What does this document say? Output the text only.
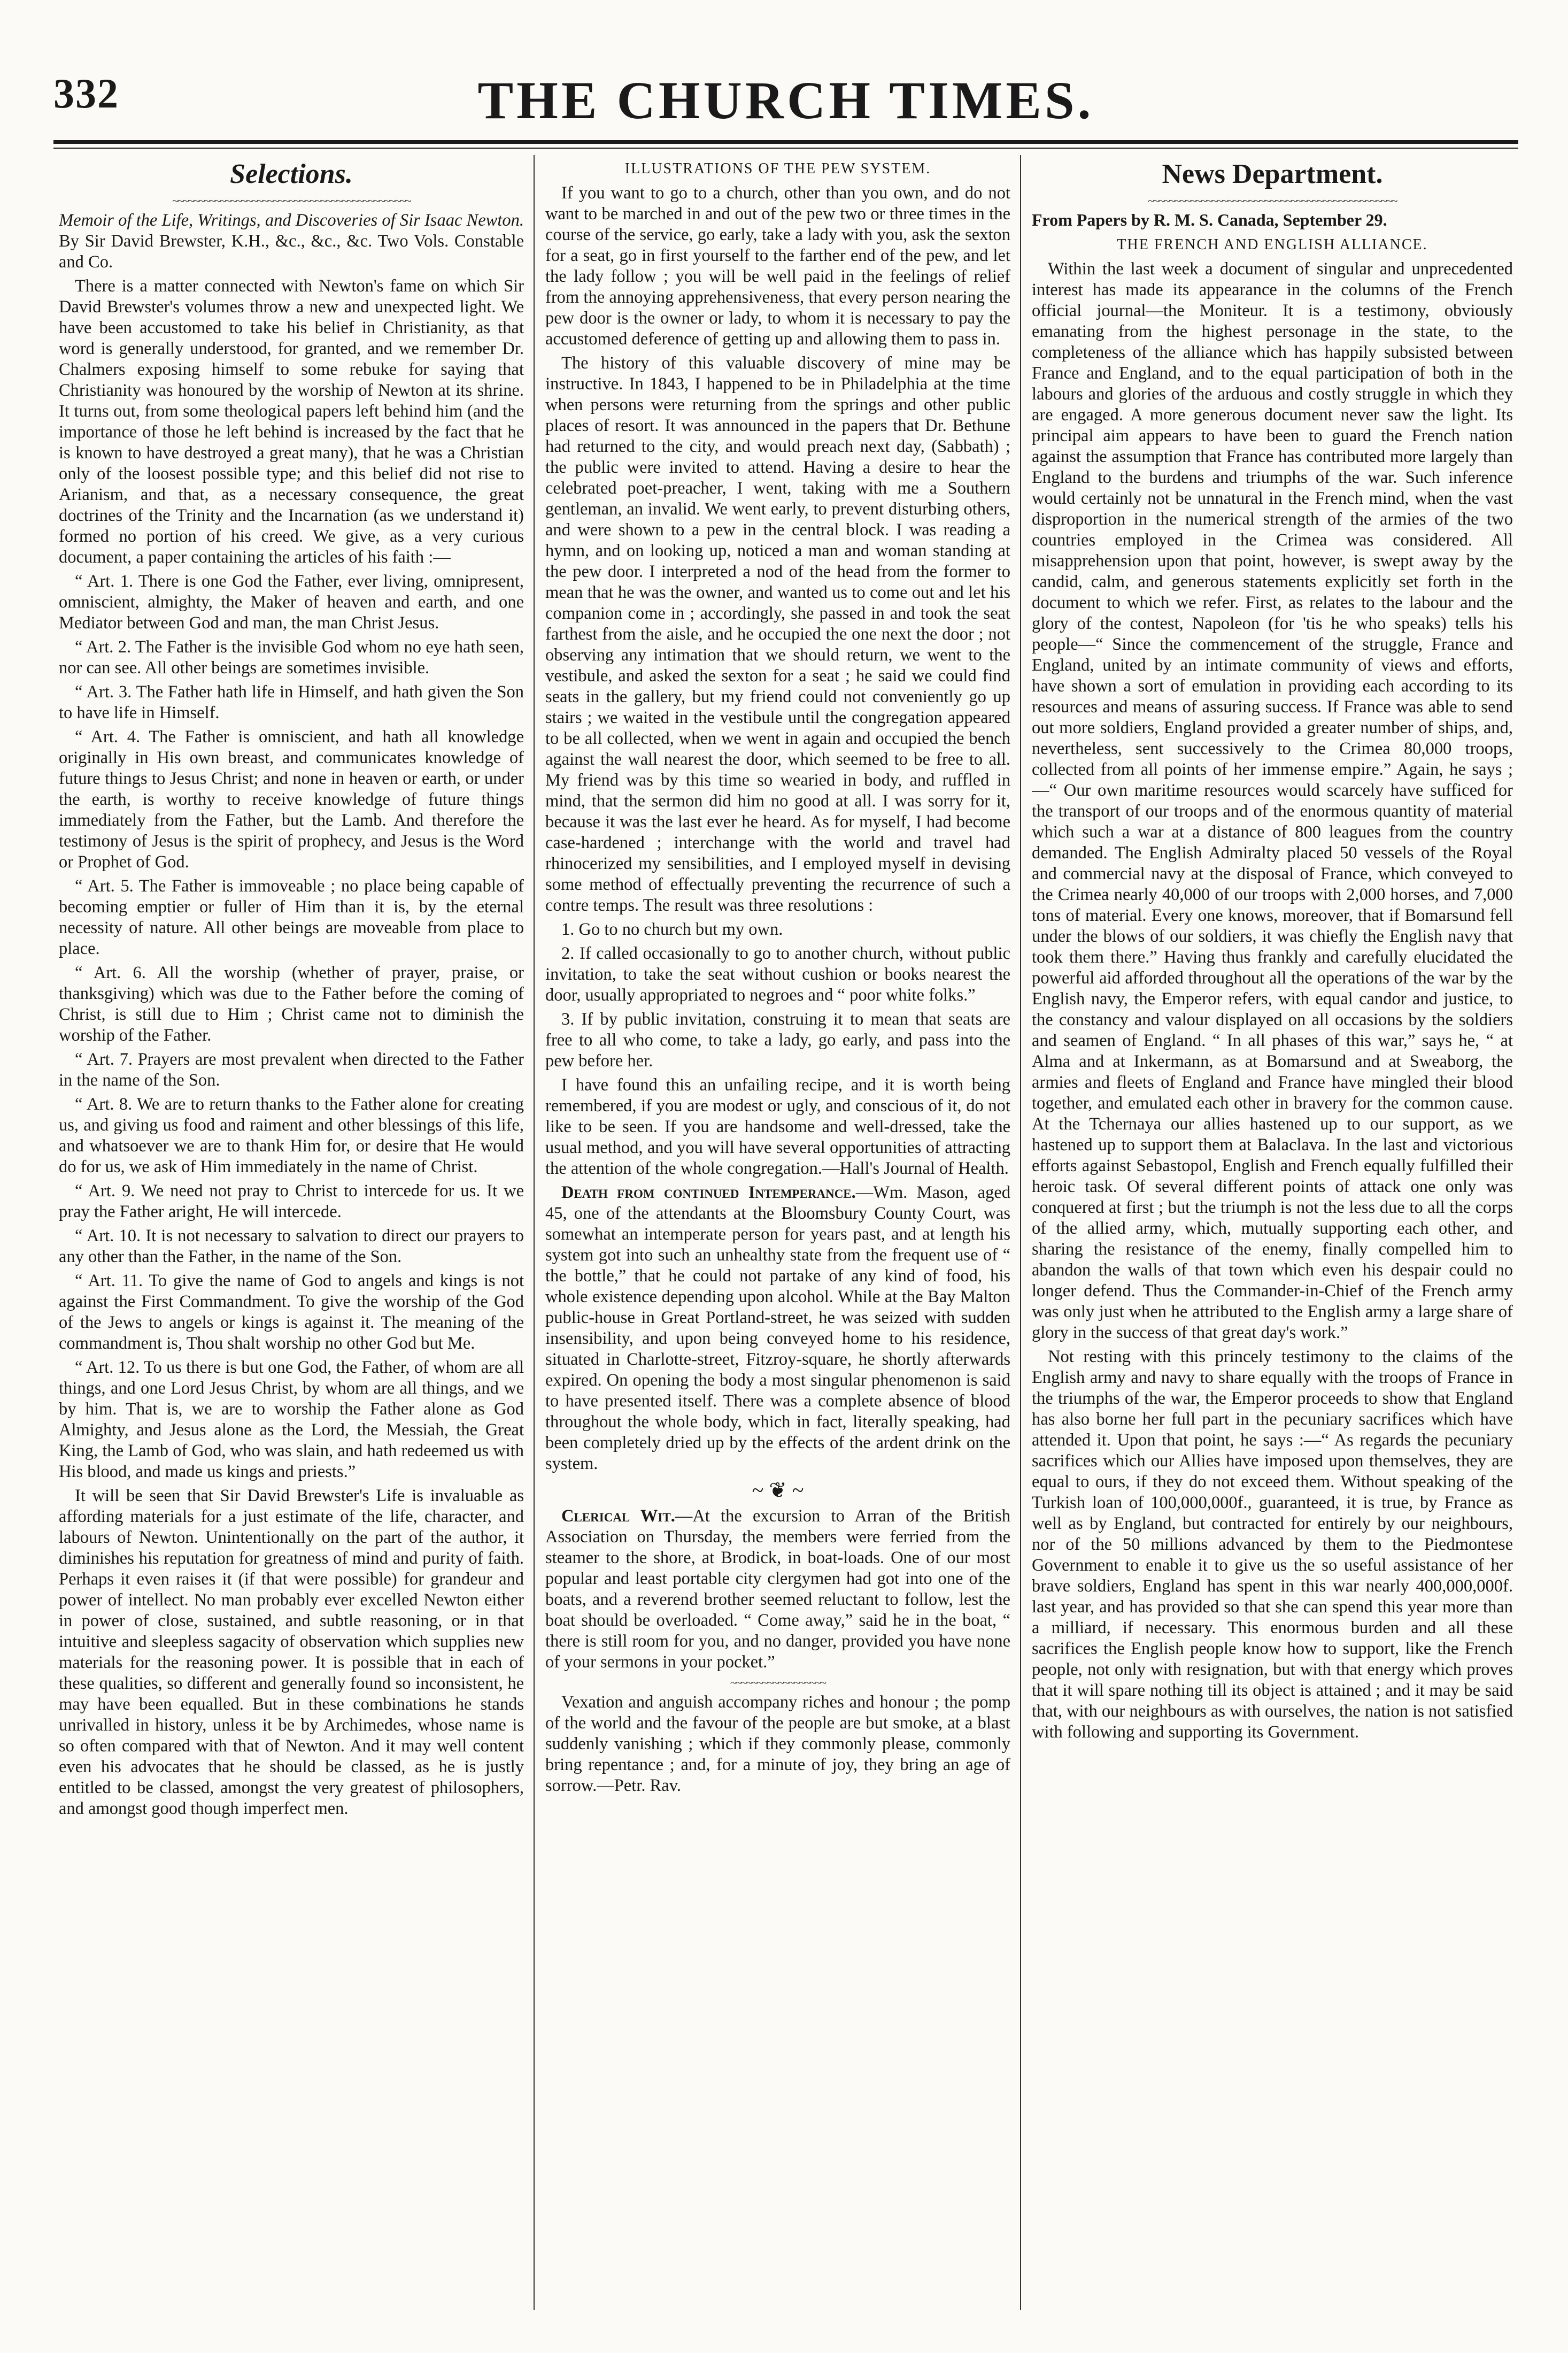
332	THE CHURCH TIMES.
Selections.
~~~~~~~~~~~~~~~~~~~~~~~~~~~~~~~~~~~~~~~~~~~~~

Memoir of the Life, Writings, and Discoveries of Sir Isaac Newton. By Sir David Brewster, K.H., &c., &c., &c. Two Vols. Constable and Co.

There is a matter connected with Newton's fame on which Sir David Brewster's volumes throw a new and unexpected light. We have been accustomed to take his belief in Christianity, as that word is generally understood, for granted, and we remember Dr. Chalmers exposing himself to some rebuke for saying that Christianity was honoured by the worship of Newton at its shrine. It turns out, from some theological papers left behind him (and the importance of those he left behind is increased by the fact that he is known to have destroyed a great many), that he was a Christian only of the loosest possible type; and this belief did not rise to Arianism, and that, as a necessary consequence, the great doctrines of the Trinity and the Incarnation (as we understand it) formed no portion of his creed. We give, as a very curious document, a paper containing the articles of his faith :—

“ Art. 1. There is one God the Father, ever living, omnipresent, omniscient, almighty, the Maker of heaven and earth, and one Mediator between God and man, the man Christ Jesus.

“ Art. 2. The Father is the invisible God whom no eye hath seen, nor can see. All other beings are sometimes invisible.

“ Art. 3. The Father hath life in Himself, and hath given the Son to have life in Himself.

“ Art. 4. The Father is omniscient, and hath all knowledge originally in His own breast, and communicates knowledge of future things to Jesus Christ; and none in heaven or earth, or under the earth, is worthy to receive knowledge of future things immediately from the Father, but the Lamb. And therefore the testimony of Jesus is the spirit of prophecy, and Jesus is the Word or Prophet of God.

“ Art. 5. The Father is immoveable ; no place being capable of becoming emptier or fuller of Him than it is, by the eternal necessity of nature. All other beings are moveable from place to place.

“ Art. 6. All the worship (whether of prayer, praise, or thanksgiving) which was due to the Father before the coming of Christ, is still due to Him ; Christ came not to diminish the worship of the Father.

“ Art. 7. Prayers are most prevalent when directed to the Father in the name of the Son.

“ Art. 8. We are to return thanks to the Father alone for creating us, and giving us food and raiment and other blessings of this life, and whatsoever we are to thank Him for, or desire that He would do for us, we ask of Him immediately in the name of Christ.

“ Art. 9. We need not pray to Christ to intercede for us. It we pray the Father aright, He will intercede.

“ Art. 10. It is not necessary to salvation to direct our prayers to any other than the Father, in the name of the Son.

“ Art. 11. To give the name of God to angels and kings is not against the First Commandment. To give the worship of the God of the Jews to angels or kings is against it. The meaning of the commandment is, Thou shalt worship no other God but Me.

“ Art. 12. To us there is but one God, the Father, of whom are all things, and one Lord Jesus Christ, by whom are all things, and we by him. That is, we are to worship the Father alone as God Almighty, and Jesus alone as the Lord, the Messiah, the Great King, the Lamb of God, who was slain, and hath redeemed us with His blood, and made us kings and priests.”

It will be seen that Sir David Brewster's Life is invaluable as affording materials for a just estimate of the life, character, and labours of Newton. Unintentionally on the part of the author, it diminishes his reputation for greatness of mind and purity of faith. Perhaps it even raises it (if that were possible) for grandeur and power of intellect. No man probably ever excelled Newton either in power of close, sustained, and subtle reasoning, or in that intuitive and sleepless sagacity of observation which supplies new materials for the reasoning power. It is possible that in each of these qualities, so different and generally found so inconsistent, he may have been equalled. But in these combinations he stands unrivalled in history, unless it be by Archimedes, whose name is so often compared with that of Newton. And it may well content even his advocates that he should be classed, as he is justly entitled to be classed, amongst the very greatest of philosophers, and amongst good though imperfect men.

ILLUSTRATIONS OF THE PEW SYSTEM.

If you want to go to a church, other than you own, and do not want to be marched in and out of the pew two or three times in the course of the service, go early, take a lady with you, ask the sexton for a seat, go in first yourself to the farther end of the pew, and let the lady follow ; you will be well paid in the feelings of relief from the annoying apprehensiveness, that every person nearing the pew door is the owner or lady, to whom it is necessary to pay the accustomed deference of getting up and allowing them to pass in.

The history of this valuable discovery of mine may be instructive. In 1843, I happened to be in Philadelphia at the time when persons were returning from the springs and other public places of resort. It was announced in the papers that Dr. Bethune had returned to the city, and would preach next day, (Sabbath) ; the public were invited to attend. Having a desire to hear the celebrated poet-preacher, I went, taking with me a Southern gentleman, an invalid. We went early, to prevent disturbing others, and were shown to a pew in the central block. I was reading a hymn, and on looking up, noticed a man and woman standing at the pew door. I interpreted a nod of the head from the former to mean that he was the owner, and wanted us to come out and let his companion come in ; accordingly, she passed in and took the seat farthest from the aisle, and he occupied the one next the door ; not observing any intimation that we should return, we went to the vestibule, and asked the sexton for a seat ; he said we could find seats in the gallery, but my friend could not conveniently go up stairs ; we waited in the vestibule until the congregation appeared to be all collected, when we went in again and occupied the bench against the wall nearest the door, which seemed to be free to all. My friend was by this time so wearied in body, and ruffled in mind, that the sermon did him no good at all. I was sorry for it, because it was the last ever he heard. As for myself, I had become case-hardened ; interchange with the world and travel had rhinocerized my sensibilities, and I employed myself in devising some method of effectually preventing the recurrence of such a contre temps. The result was three resolutions :

1. Go to no church but my own.

2. If called occasionally to go to another church, without public invitation, to take the seat without cushion or books nearest the door, usually appropriated to negroes and “ poor white folks.”

3. If by public invitation, construing it to mean that seats are free to all who come, to take a lady, go early, and pass into the pew before her.

I have found this an unfailing recipe, and it is worth being remembered, if you are modest or ugly, and conscious of it, do not like to be seen. If you are handsome and well-dressed, take the usual method, and you will have several opportunities of attracting the attention of the whole congregation.—Hall's Journal of Health.

Death from continued Intemperance.—Wm. Mason, aged 45, one of the attendants at the Bloomsbury County Court, was somewhat an intemperate person for years past, and at length his system got into such an unhealthy state from the frequent use of “ the bottle,” that he could not partake of any kind of food, his whole existence depending upon alcohol. While at the Bay Malton public-house in Great Portland-street, he was seized with sudden insensibility, and upon being conveyed home to his residence, situated in Charlotte-street, Fitzroy-square, he shortly afterwards expired. On opening the body a most singular phenomenon is said to have presented itself. There was a complete absence of blood throughout the whole body, which in fact, literally speaking, had been completely dried up by the effects of the ardent drink on the system.

~ ❦ ~

Clerical Wit.—At the excursion to Arran of the British Association on Thursday, the members were ferried from the steamer to the shore, at Brodick, in boat-loads. One of our most popular and least portable city clergymen had got into one of the boats, and a reverend brother seemed reluctant to follow, lest the boat should be overloaded. “ Come away,” said he in the boat, “ there is still room for you, and no danger, provided you have none of your sermons in your pocket.”

~~~~~~~~~~~~~~~~~~

Vexation and anguish accompany riches and honour ; the pomp of the world and the favour of the people are but smoke, at a blast suddenly vanishing ; which if they commonly please, commonly bring repentance ; and, for a minute of joy, they bring an age of sorrow.—Petr. Rav.

News Department.
~~~~~~~~~~~~~~~~~~~~~~~~~~~~~~~~~~~~~~~~~~~~~~~
From Papers by R. M. S. Canada, September 29.
THE FRENCH AND ENGLISH ALLIANCE.

Within the last week a document of singular and unprecedented interest has made its appearance in the columns of the French official journal—the Moniteur. It is a testimony, obviously emanating from the highest personage in the state, to the completeness of the alliance which has happily subsisted between France and England, and to the equal participation of both in the labours and glories of the arduous and costly struggle in which they are engaged. A more generous document never saw the light. Its principal aim appears to have been to guard the French nation against the assumption that France has contributed more largely than England to the burdens and triumphs of the war. Such inference would certainly not be unnatural in the French mind, when the vast disproportion in the numerical strength of the armies of the two countries employed in the Crimea was considered. All misapprehension upon that point, however, is swept away by the candid, calm, and generous statements explicitly set forth in the document to which we refer. First, as relates to the labour and the glory of the contest, Napoleon (for 'tis he who speaks) tells his people—“ Since the commencement of the struggle, France and England, united by an intimate community of views and efforts, have shown a sort of emulation in providing each according to its resources and means of assuring success. If France was able to send out more soldiers, England provided a greater number of ships, and, nevertheless, sent successively to the Crimea 80,000 troops, collected from all points of her immense empire.” Again, he says ;—“ Our own maritime resources would scarcely have sufficed for the transport of our troops and of the enormous quantity of material which such a war at a distance of 800 leagues from the country demanded. The English Admiralty placed 50 vessels of the Royal and commercial navy at the disposal of France, which conveyed to the Crimea nearly 40,000 of our troops with 2,000 horses, and 7,000 tons of material. Every one knows, moreover, that if Bomarsund fell under the blows of our soldiers, it was chiefly the English navy that took them there.” Having thus frankly and carefully elucidated the powerful aid afforded throughout all the operations of the war by the English navy, the Emperor refers, with equal candor and justice, to the constancy and valour displayed on all occasions by the soldiers and seamen of England. “ In all phases of this war,” says he, “ at Alma and at Inkermann, as at Bomarsund and at Sweaborg, the armies and fleets of England and France have mingled their blood together, and emulated each other in bravery for the common cause. At the Tchernaya our allies hastened up to our support, as we hastened up to support them at Balaclava. In the last and victorious efforts against Sebastopol, English and French equally fulfilled their heroic task. Of several different points of attack one only was conquered at first ; but the triumph is not the less due to all the corps of the allied army, which, mutually supporting each other, and sharing the resistance of the enemy, finally compelled him to abandon the walls of that town which even his despair could no longer defend. Thus the Commander-in-Chief of the French army was only just when he attributed to the English army a large share of glory in the success of that great day's work.”

Not resting with this princely testimony to the claims of the English army and navy to share equally with the troops of France in the triumphs of the war, the Emperor proceeds to show that England has also borne her full part in the pecuniary sacrifices which have attended it. Upon that point, he says :—“ As regards the pecuniary sacrifices which our Allies have imposed upon themselves, they are equal to ours, if they do not exceed them. Without speaking of the Turkish loan of 100,000,000f., guaranteed, it is true, by France as well as by England, but contracted for entirely by our neighbours, nor of the 50 millions advanced by them to the Piedmontese Government to enable it to give us the so useful assistance of her brave soldiers, England has spent in this war nearly 400,000,000f. last year, and has provided so that she can spend this year more than a milliard, if necessary. This enormous burden and all these sacrifices the English people know how to support, like the French people, not only with resignation, but with that energy which proves that it will spare nothing till its object is attained ; and it may be said that, with our neighbours as with ourselves, the nation is not satisfied with following and supporting its Government.
